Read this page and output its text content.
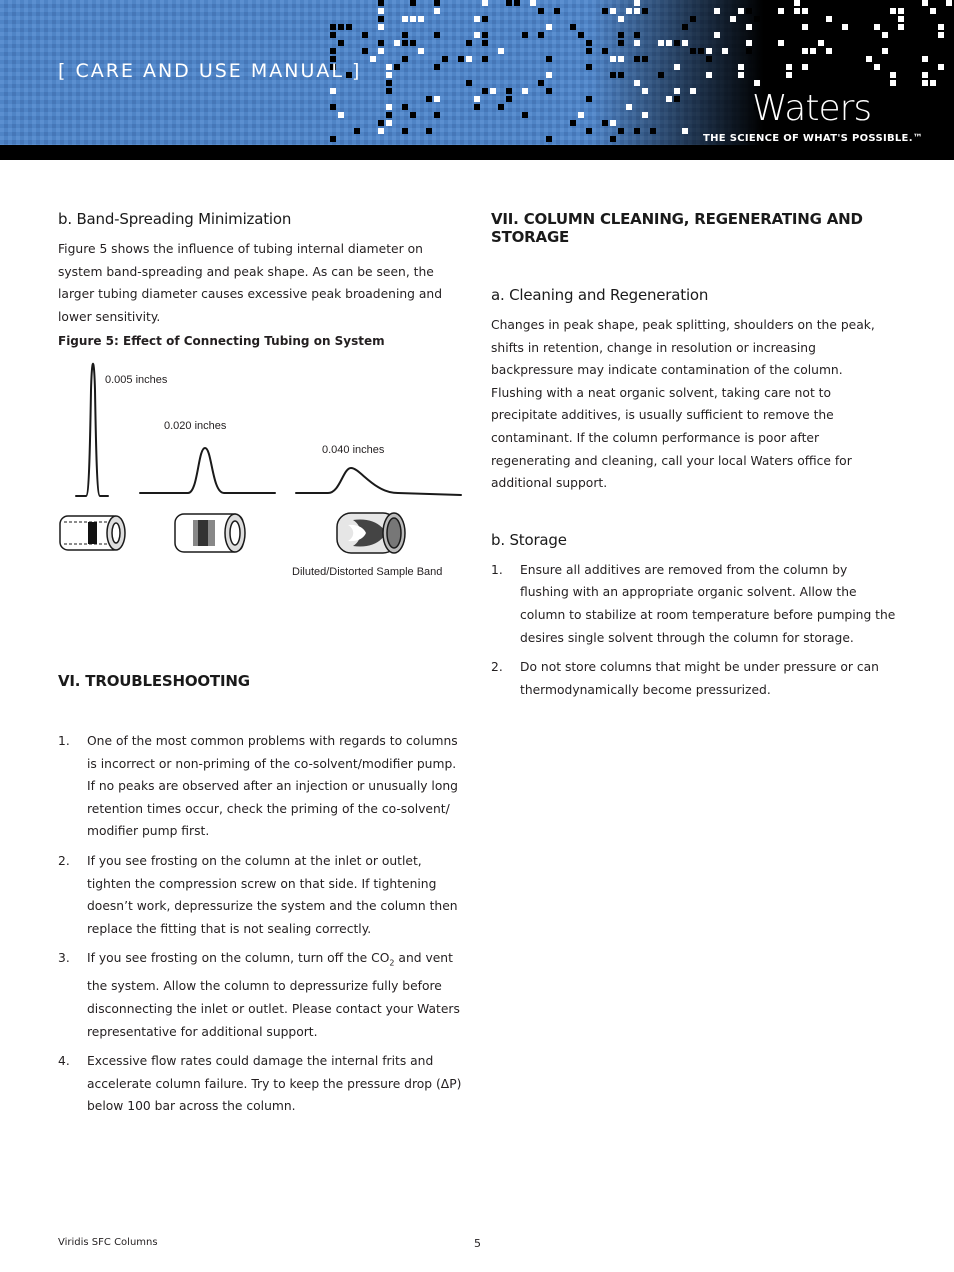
[ CARE AND USE MANUAL ]
Waters
THE SCIENCE OF WHAT'S POSSIBLE.™
b. Band-Spreading Minimization

Figure 5 shows the influence of tubing internal diameter on system band-spreading and peak shape. As can be seen, the larger tubing diameter causes excessive peak broadening and lower sensitivity.

Figure 5: Effect of Connecting Tubing on System
0.005 inches
0.020 inches
0.040 inches
Diluted/Distorted Sample Band
VI. TROUBLESHOOTING
1. One of the most common problems with regards to columns is incorrect or non-priming of the co-solvent/modifier pump. If no peaks are observed after an injection or unusually long retention times occur, check the priming of the co-solvent/ modifier pump first.
2. If you see frosting on the column at the inlet or outlet, tighten the compression screw on that side. If tightening doesn’t work, depressurize the system and the column then replace the fitting that is not sealing correctly.
3. If you see frosting on the column, turn off the $CO_2$ and vent the system. Allow the column to depressurize fully before disconnecting the inlet or outlet. Please contact your Waters representative for additional support.
4. Excessive flow rates could damage the internal frits and accelerate column failure. Try to keep the pressure drop (ΔP) below 100 bar across the column.
VII. COLUMN CLEANING, REGENERATING AND STORAGE
a. Cleaning and Regeneration

Changes in peak shape, peak splitting, shoulders on the peak, shifts in retention, change in resolution or increasing backpressure may indicate contamination of the column. Flushing with a neat organic solvent, taking care not to precipitate additives, is usually sufficient to remove the contaminant. If the column performance is poor after regenerating and cleaning, call your local Waters office for additional support.

b. Storage
1. Ensure all additives are removed from the column by flushing with an appropriate organic solvent. Allow the column to stabilize at room temperature before pumping the desires single solvent through the column for storage.
2. Do not store columns that might be under pressure or can thermodynamically become pressurized.
Viridis SFC Columns	5
